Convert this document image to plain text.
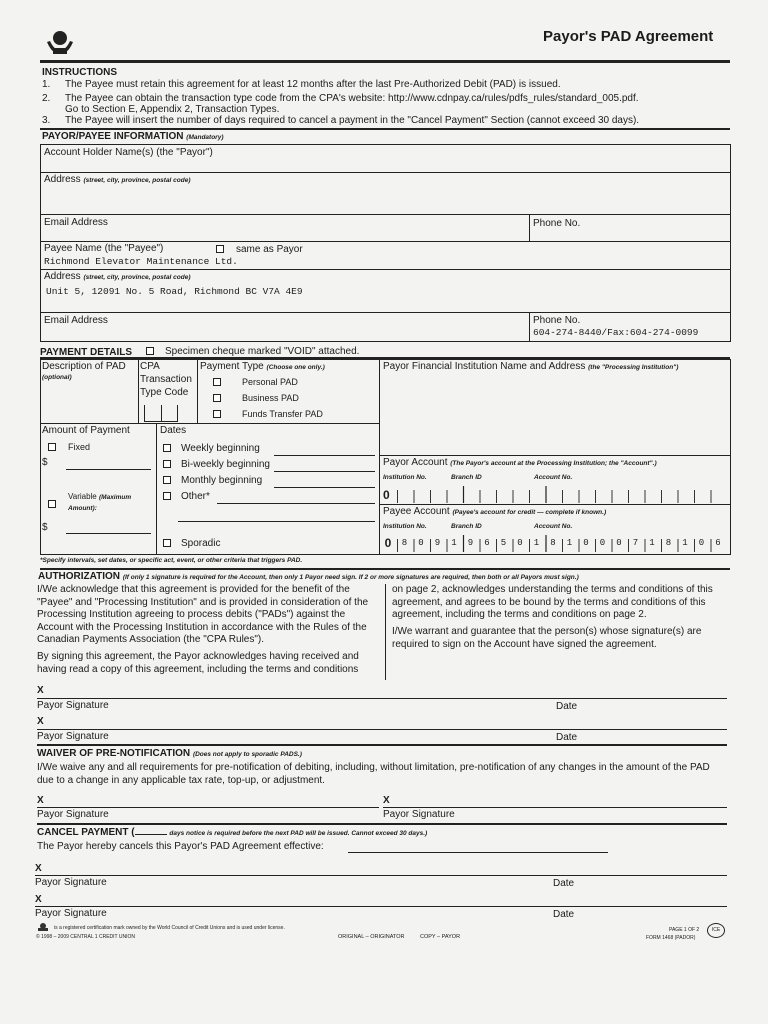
Payor's PAD Agreement
INSTRUCTIONS
1. The Payee must retain this agreement for at least 12 months after the last Pre-Authorized Debit (PAD) is issued.
2. The Payee can obtain the transaction type code from the CPA's website: http://www.cdnpay.ca/rules/pdfs_rules/standard_005.pdf.
Go to Section E, Appendix 2, Transaction Types.
3. The Payee will insert the number of days required to cancel a payment in the "Cancel Payment" Section (cannot exceed 30 days).
PAYOR/PAYEE INFORMATION (Mandatory)
Account Holder Name(s) (the "Payor")
Address (street, city, province, postal code)
Email Address	Phone No.
Payee Name (the "Payee")	same as Payor
Richmond Elevator Maintenance Ltd.
Address (street, city, province, postal code)
Unit 5, 12091 No. 5 Road, Richmond BC V7A 4E9
Email Address	Phone No.
604-274-8440/Fax:604-274-0099
PAYMENT DETAILS	Specimen cheque marked "VOID" attached.
Description of PAD
(optional)
CPA
Transaction
Type Code
Payment Type (Choose one only.)
Personal PAD
Business PAD
Funds Transfer PAD
Payor Financial Institution Name and Address (the "Processing Institution")
Amount of Payment
Fixed
$
Variable (Maximum
Amount):
$
Dates
Weekly beginning
Bi-weekly beginning
Monthly beginning
Other*
Sporadic
Payor Account (The Payor's account at the Processing Institution; the "Account".)
Institution No.	Branch ID	Account No.
0
Payee Account (Payee's account for credit — complete if known.)
Institution No.	Branch ID	Account No.
0	8	0	9	1	9	6	5	0	1	8	1	0	0	0	7	1	8	1	0	6
*Specify intervals, set dates, or specific act, event, or other criteria that triggers PAD.
AUTHORIZATION (If only 1 signature is required for the Account, then only 1 Payor need sign. If 2 or more signatures are required, then both or all Payors must sign.)
I/We acknowledge that this agreement is provided for the benefit of the "Payee" and "Processing Institution" and is provided in consideration of the Processing Institution agreeing to process debits ("PADs") against the Account with the Processing Institution in accordance with the Rules of the Canadian Payments Association (the "CPA Rules").
By signing this agreement, the Payor acknowledges having received and having read a copy of this agreement, including the terms and conditions
on page 2, acknowledges understanding the terms and conditions of this agreement, and agrees to be bound by the terms and conditions of this agreement, including the terms and conditions on page 2.
I/We warrant and guarantee that the person(s) whose signature(s) are required to sign on the Account have signed the agreement.
X
Payor Signature	Date
X
Payor Signature	Date
WAIVER OF PRE-NOTIFICATION (Does not apply to sporadic PADS.)
I/We waive any and all requirements for pre-notification of debiting, including, without limitation, pre-notification of any changes in the amount of the PAD due to a change in any applicable tax rate, top-up, or adjustment.
X
Payor Signature
X
Payor Signature
CANCEL PAYMENT (	days notice is required before the next PAD will be issued. Cannot exceed 30 days.)
The Payor hereby cancels this Payor's PAD Agreement effective:
X
Payor Signature	Date
X
Payor Signature	Date
is a registered certification mark owned by the World Council of Credit Unions and is used under license.
© 1998 – 2009 CENTRAL 1 CREDIT UNION	ORIGINAL – ORIGINATOR	COPY – PAYOR
PAGE 1 OF 2
FORM 1468 (PADOR)
ICE
